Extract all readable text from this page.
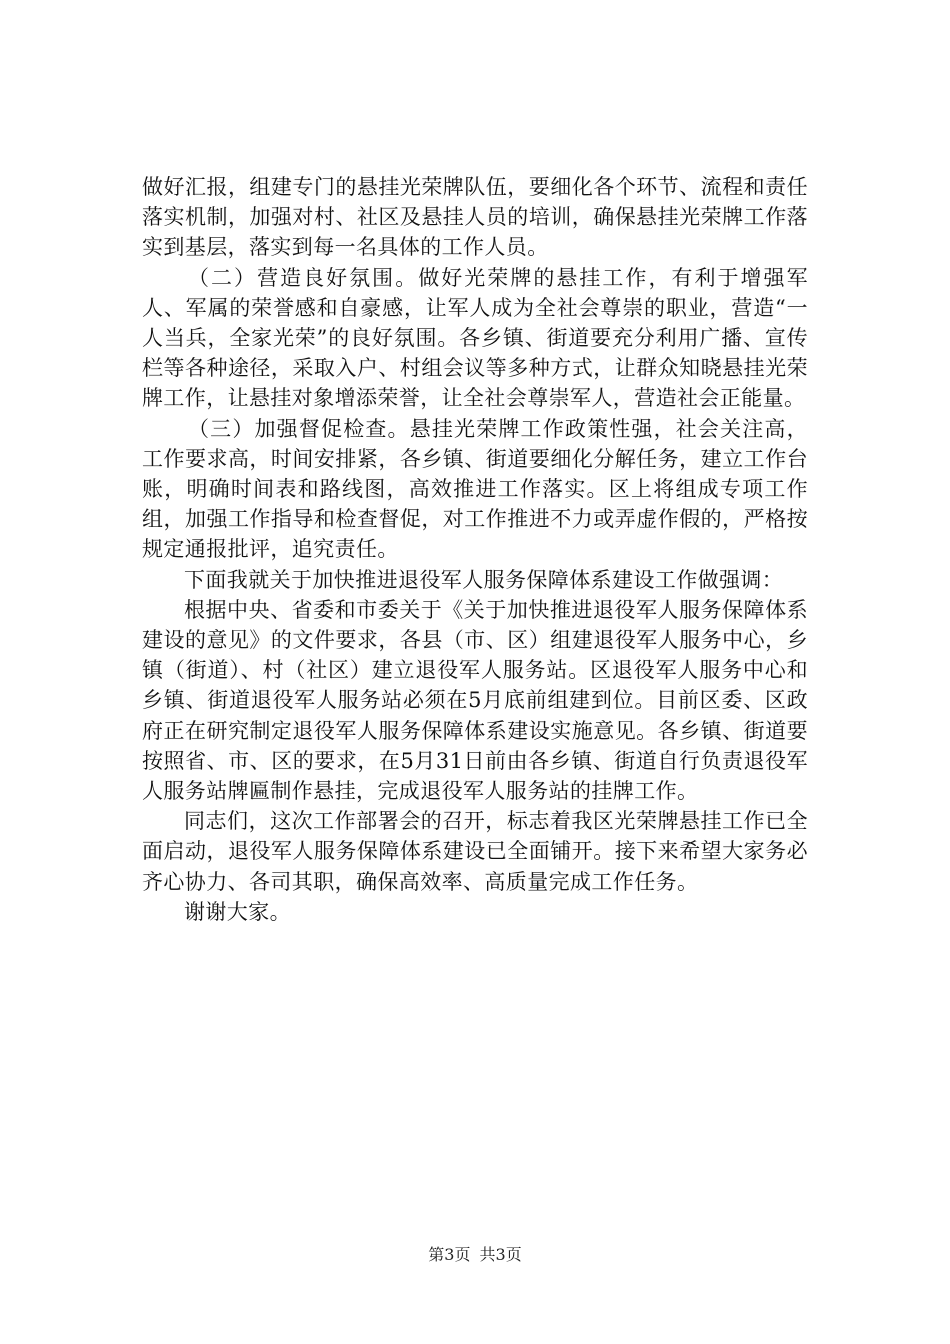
做好汇报，组建专门的悬挂光荣牌队伍，要细化各个环节、流程和责任落实机制，加强对村、社区及悬挂人员的培训，确保悬挂光荣牌工作落实到基层，落实到每一名具体的工作人员。

（二）营造良好氛围。做好光荣牌的悬挂工作，有利于增强军人、军属的荣誉感和自豪感，让军人成为全社会尊崇的职业，营造“一人当兵，全家光荣”的良好氛围。各乡镇、街道要充分利用广播、宣传栏等各种途径，采取入户、村组会议等多种方式，让群众知晓悬挂光荣牌工作，让悬挂对象增添荣誉，让全社会尊崇军人，营造社会正能量。

（三）加强督促检查。悬挂光荣牌工作政策性强，社会关注高，工作要求高，时间安排紧，各乡镇、街道要细化分解任务，建立工作台账，明确时间表和路线图，高效推进工作落实。区上将组成专项工作组，加强工作指导和检查督促，对工作推进不力或弄虚作假的，严格按规定通报批评，追究责任。

下面我就关于加快推进退役军人服务保障体系建设工作做强调：

根据中央、省委和市委关于《关于加快推进退役军人服务保障体系建设的意见》的文件要求，各县（市、区）组建退役军人服务中心，乡镇（街道）、村（社区）建立退役军人服务站。区退役军人服务中心和乡镇、街道退役军人服务站必须在5月底前组建到位。目前区委、区政府正在研究制定退役军人服务保障体系建设实施意见。各乡镇、街道要按照省、市、区的要求，在5月31日前由各乡镇、街道自行负责退役军人服务站牌匾制作悬挂，完成退役军人服务站的挂牌工作。

同志们，这次工作部署会的召开，标志着我区光荣牌悬挂工作已全面启动，退役军人服务保障体系建设已全面铺开。接下来希望大家务必齐心协力、各司其职，确保高效率、高质量完成工作任务。

谢谢大家。

第3页 共3页
